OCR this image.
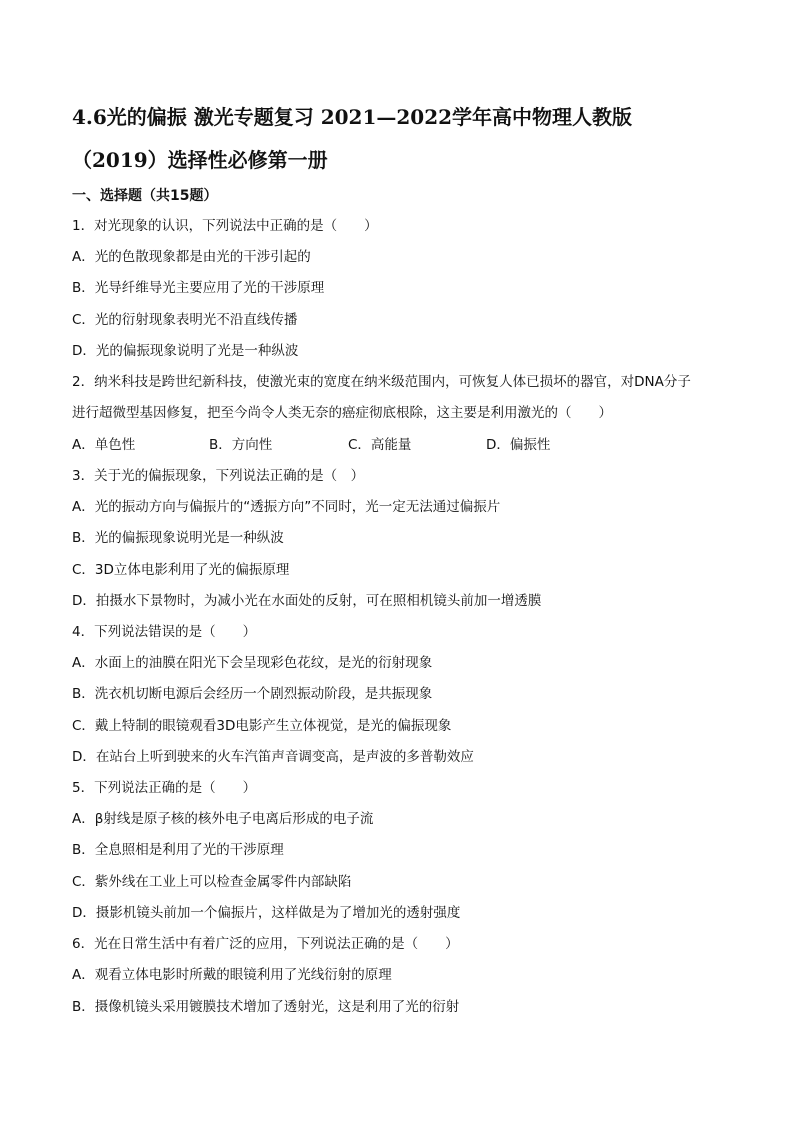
4.6光的偏振 激光专题复习 2021—2022学年高中物理人教版
（2019）选择性必修第一册
一、选择题（共15题）
1．对光现象的认识，下列说法中正确的是（　　）
A．光的色散现象都是由光的干涉引起的
B．光导纤维导光主要应用了光的干涉原理
C．光的衍射现象表明光不沿直线传播
D．光的偏振现象说明了光是一种纵波
2．纳米科技是跨世纪新科技，使激光束的宽度在纳米级范围内，可恢复人体已损坏的器官，对DNA分子
进行超微型基因修复，把至今尚令人类无奈的癌症彻底根除，这主要是利用激光的（　　）
A．单色性	B．方向性	C．高能量	D．偏振性
3．关于光的偏振现象，下列说法正确的是（　）
A．光的振动方向与偏振片的“透振方向”不同时，光一定无法通过偏振片
B．光的偏振现象说明光是一种纵波
C．3D立体电影利用了光的偏振原理
D．拍摄水下景物时，为减小光在水面处的反射，可在照相机镜头前加一增透膜
4．下列说法错误的是（　　）
A．水面上的油膜在阳光下会呈现彩色花纹，是光的衍射现象
B．洗衣机切断电源后会经历一个剧烈振动阶段，是共振现象
C．戴上特制的眼镜观看3D电影产生立体视觉，是光的偏振现象
D．在站台上听到驶来的火车汽笛声音调变高，是声波的多普勒效应
5．下列说法正确的是（　　）
A．β射线是原子核的核外电子电离后形成的电子流
B．全息照相是利用了光的干涉原理
C．紫外线在工业上可以检查金属零件内部缺陷
D．摄影机镜头前加一个偏振片，这样做是为了增加光的透射强度
6．光在日常生活中有着广泛的应用，下列说法正确的是（　　）
A．观看立体电影时所戴的眼镜利用了光线衍射的原理
B．摄像机镜头采用镀膜技术增加了透射光，这是利用了光的衍射
